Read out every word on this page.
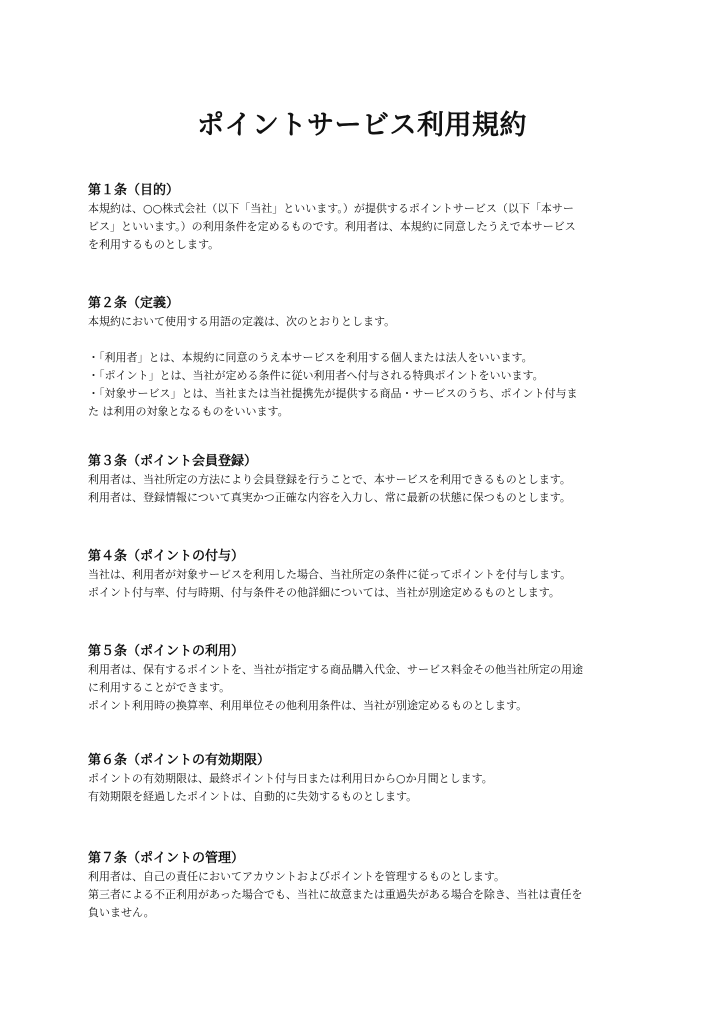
ポイントサービス利用規約

第１条（目的）

本規約は、○○株式会社（以下「当社」といいます。）が提供するポイントサービス（以下「本サー
ビス」といいます。）の利用条件を定めるものです。利用者は、本規約に同意したうえで本サービス
を利用するものとします。

第２条（定義）

本規約において使用する用語の定義は、次のとおりとします。

・「利用者」とは、本規約に同意のうえ本サービスを利用する個人または法人をいいます。
・「ポイント」とは、当社が定める条件に従い利用者へ付与される特典ポイントをいいます。
・「対象サービス」とは、当社または当社提携先が提供する商品・サービスのうち、ポイント付与ま
た は利用の対象となるものをいいます。

第３条（ポイント会員登録）

利用者は、当社所定の方法により会員登録を行うことで、本サービスを利用できるものとします。
利用者は、登録情報について真実かつ正確な内容を入力し、常に最新の状態に保つものとします。

第４条（ポイントの付与）

当社は、利用者が対象サービスを利用した場合、当社所定の条件に従ってポイントを付与します。
ポイント付与率、付与時期、付与条件その他詳細については、当社が別途定めるものとします。

第５条（ポイントの利用）

利用者は、保有するポイントを、当社が指定する商品購入代金、サービス料金その他当社所定の用途
に利用することができます。
ポイント利用時の換算率、利用単位その他利用条件は、当社が別途定めるものとします。

第６条（ポイントの有効期限）

ポイントの有効期限は、最終ポイント付与日または利用日から○か月間とします。
有効期限を経過したポイントは、自動的に失効するものとします。

第７条（ポイントの管理）

利用者は、自己の責任においてアカウントおよびポイントを管理するものとします。
第三者による不正利用があった場合でも、当社に故意または重過失がある場合を除き、当社は責任を
負いません。
